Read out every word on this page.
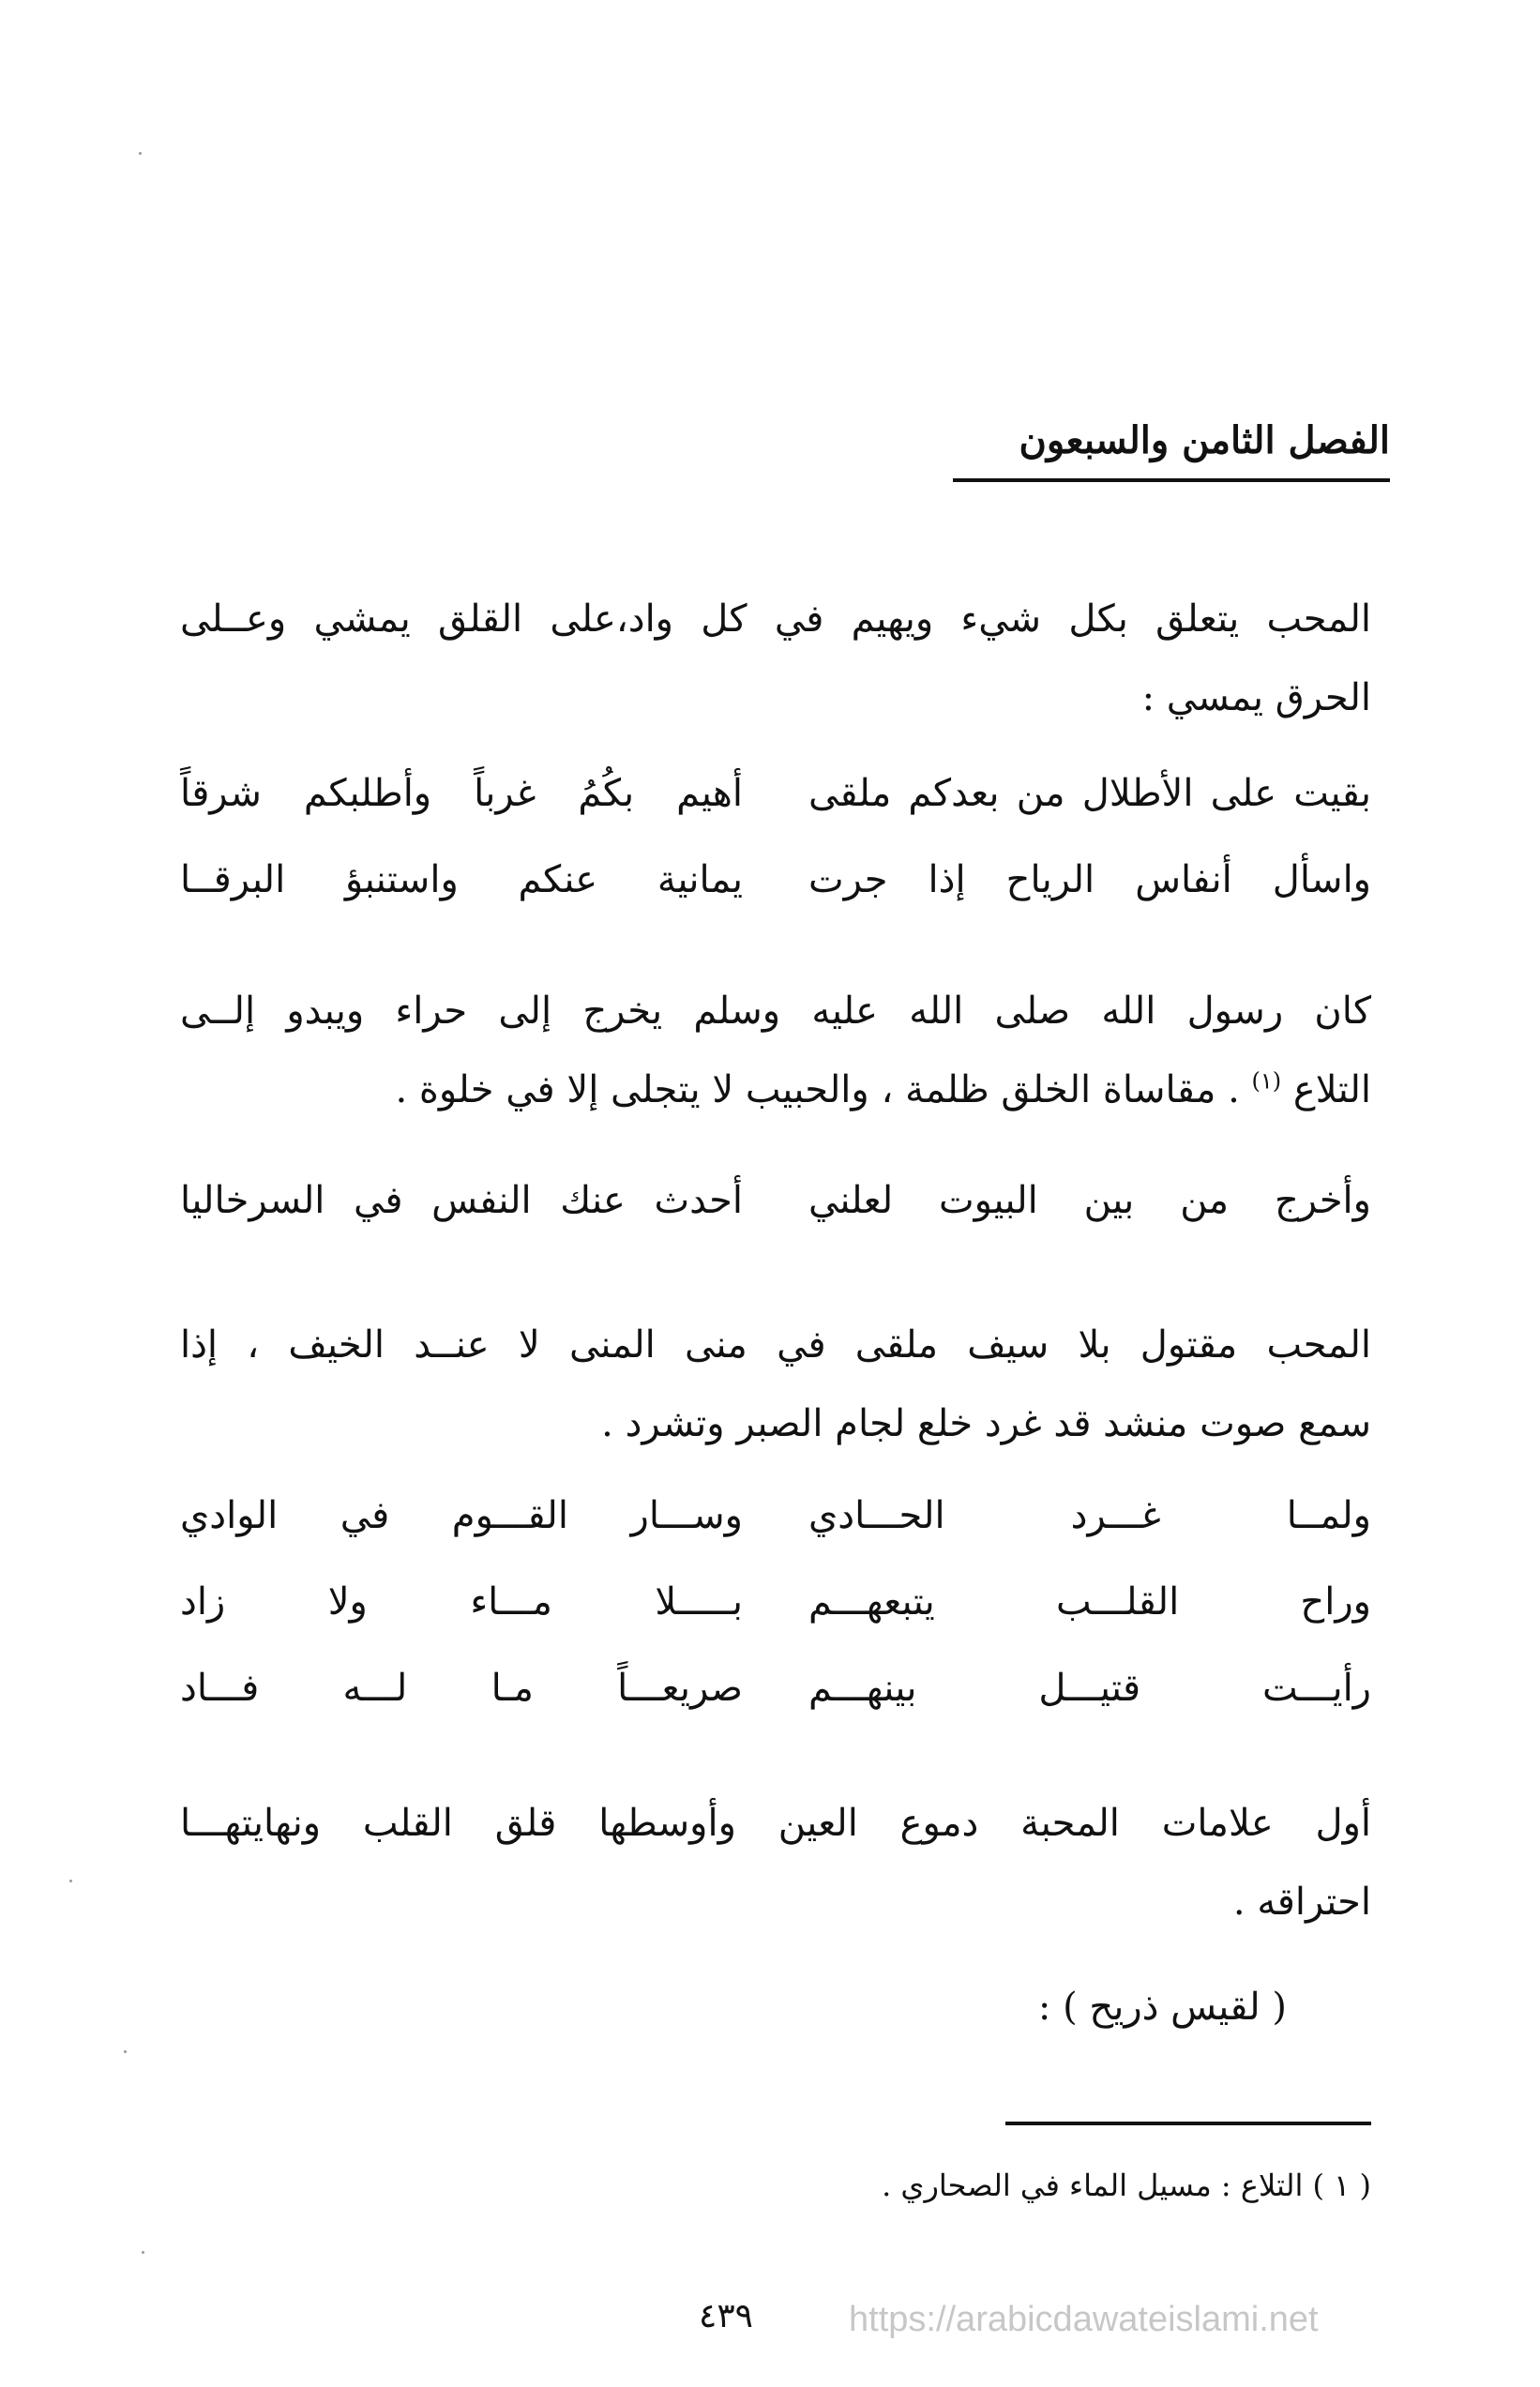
الفصل الثامن والسبعون
المحب يتعلق بكل شيء ويهيم في كل واد،على القلق يمشي وعــلى
الحرق يمسي :
بقيت على الأطلال من بعدكم ملقى
أهيم بكُمُ غرباً وأطلبكم شرقاً
واسأل أنفاس الرياح إذا جرت
يمانية عنكم واستنبؤ البرقــا
كان رسول الله صلى الله عليه وسلم يخرج إلى حراء ويبدو إلــى
التلاع $^{(١)}$ . مقاساة الخلق ظلمة ، والحبيب لا يتجلى إلا في خلوة .
وأخرج من بين البيوت لعلني
أحدث عنك النفس في السرخاليا
المحب مقتول بلا سيف ملقى في منى المنى لا عنــد الخيف ، إذا
سمع صوت منشد قد غرد خلع لجام الصبر وتشرد .
ولمــا غـــرد الحـــادي
وســـار القـــوم في الوادي
وراح القلـــب يتبعهـــم
بـــــلا مـــاء ولا زاد
رأيـــت قتيـــل بينهـــم
صريعـــاً مـا لـــه فـــاد
أول علامات المحبة دموع العين وأوسطها قلق القلب ونهايتهـــا
احتراقه .
( لقيس ذريح ) :
( ١ ) التلاع : مسيل الماء في الصحاري .
٤٣٩	https://arabicdawateislami.net
